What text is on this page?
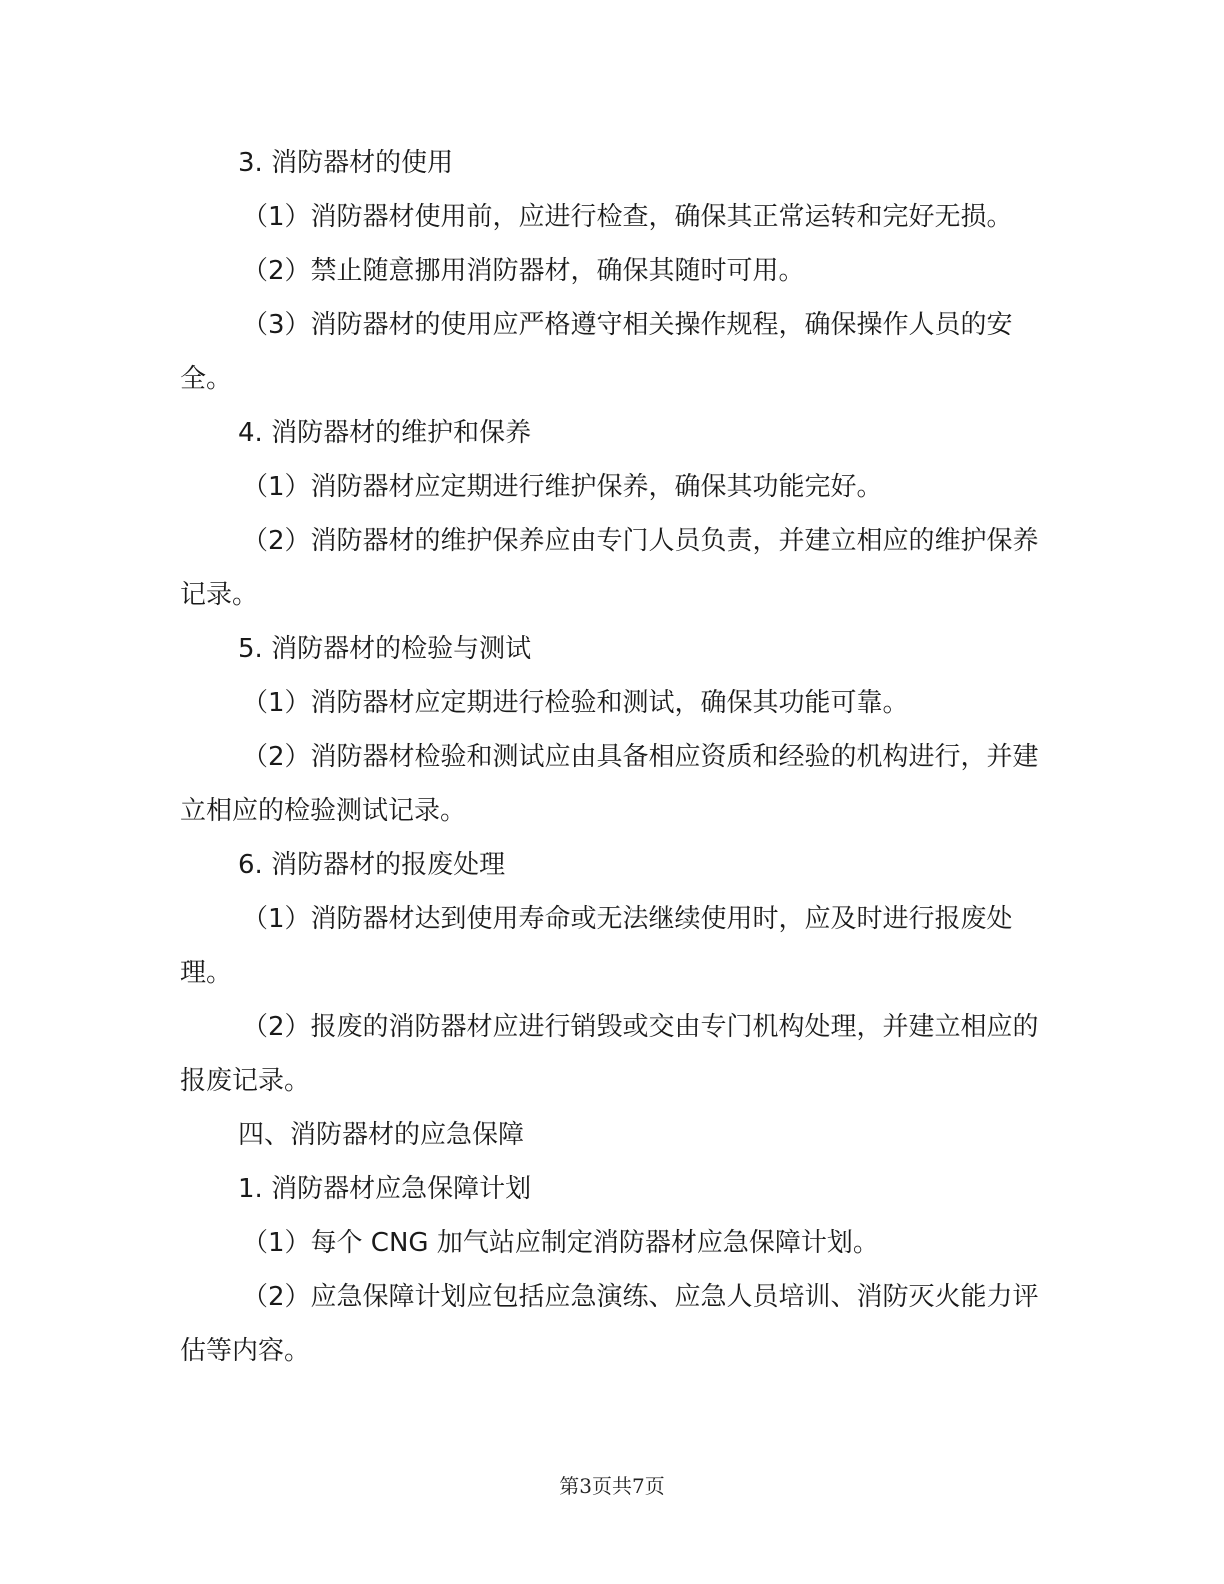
3. 消防器材的使用

（1）消防器材使用前，应进行检查，确保其正常运转和完好无损。

（2）禁止随意挪用消防器材，确保其随时可用。

（3）消防器材的使用应严格遵守相关操作规程，确保操作人员的安全。

4. 消防器材的维护和保养

（1）消防器材应定期进行维护保养，确保其功能完好。

（2）消防器材的维护保养应由专门人员负责，并建立相应的维护保养记录。

5. 消防器材的检验与测试

（1）消防器材应定期进行检验和测试，确保其功能可靠。

（2）消防器材检验和测试应由具备相应资质和经验的机构进行，并建立相应的检验测试记录。

6. 消防器材的报废处理

（1）消防器材达到使用寿命或无法继续使用时，应及时进行报废处理。

（2）报废的消防器材应进行销毁或交由专门机构处理，并建立相应的报废记录。

四、消防器材的应急保障

1. 消防器材应急保障计划

（1）每个 CNG 加气站应制定消防器材应急保障计划。

（2）应急保障计划应包括应急演练、应急人员培训、消防灭火能力评估等内容。

第3页共7页
